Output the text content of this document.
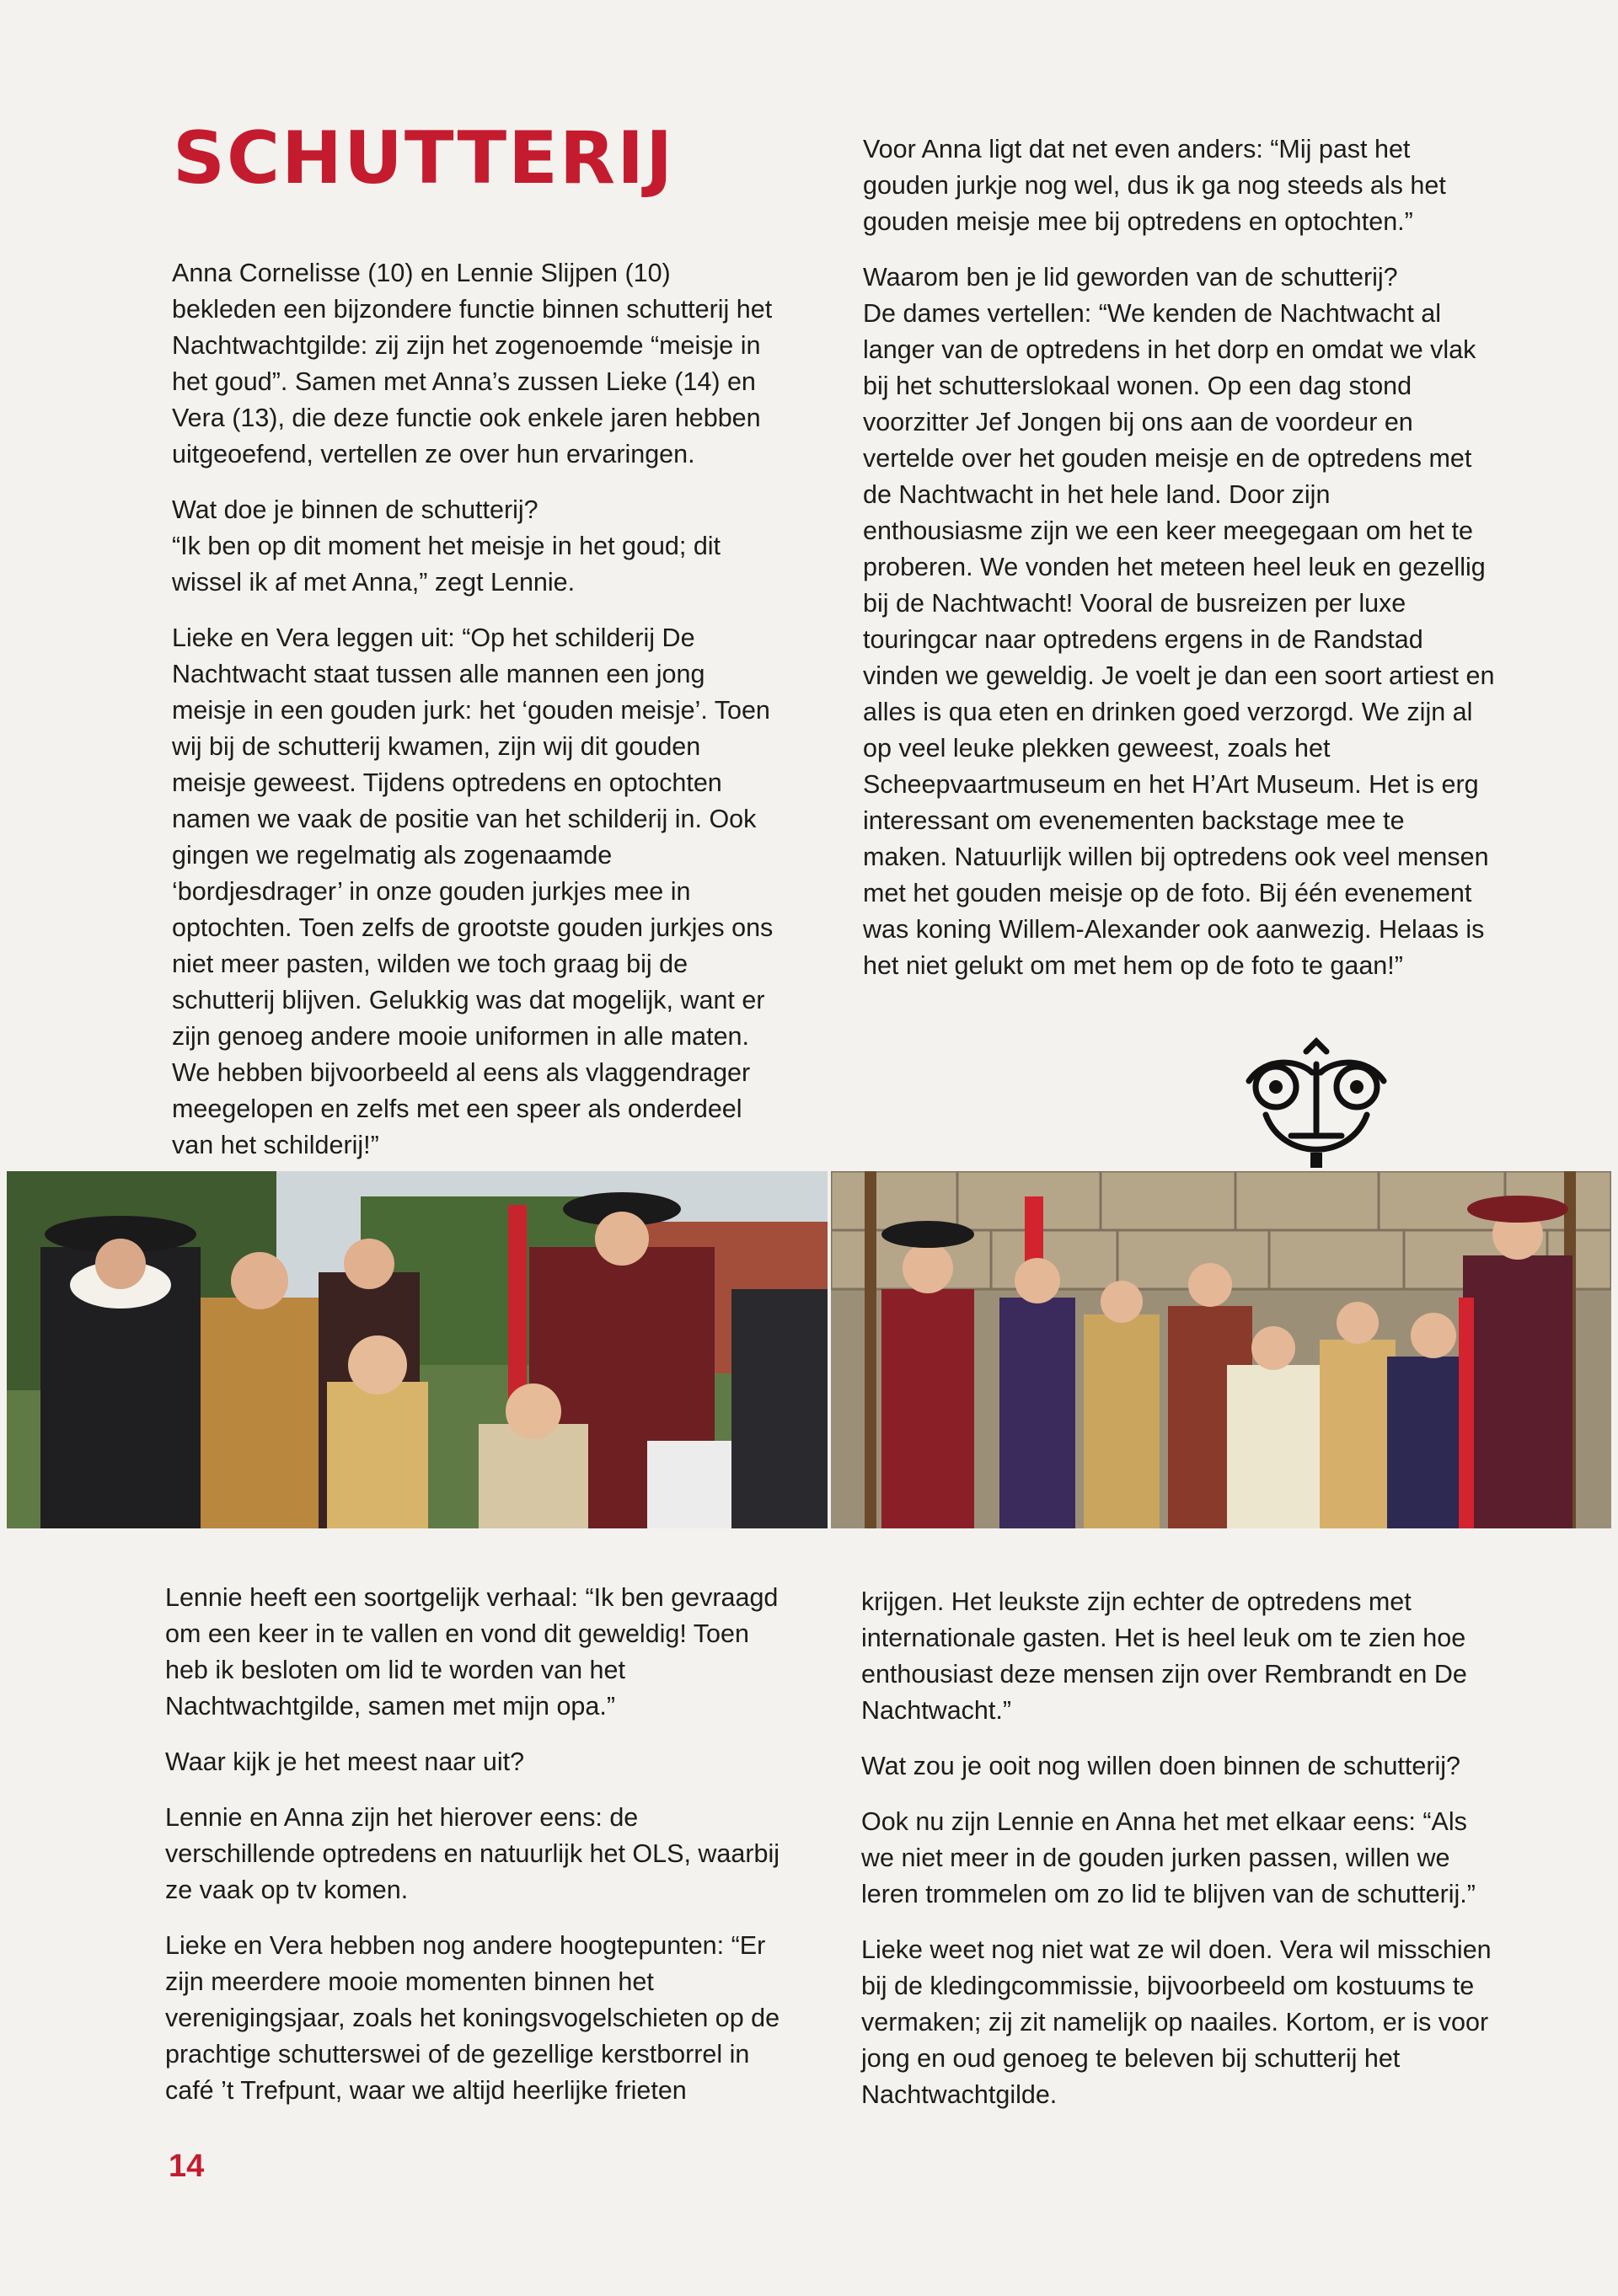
SCHUTTERIJ

Anna Cornelisse (10) en Lennie Slijpen (10) bekleden een bijzondere functie binnen schutterij het Nachtwachtgilde: zij zijn het zogenoemde “meisje in het goud”. Samen met Anna’s zussen Lieke (14) en Vera (13), die deze functie ook enkele jaren hebben uitgeoefend, vertellen ze over hun ervaringen.

Wat doe je binnen de schutterij?

“Ik ben op dit moment het meisje in het goud; dit wissel ik af met Anna,” zegt Lennie.

Lieke en Vera leggen uit: “Op het schilderij De Nachtwacht staat tussen alle mannen een jong meisje in een gouden jurk: het ‘gouden meisje’. Toen wij bij de schutterij kwamen, zijn wij dit gouden meisje geweest. Tijdens optredens en optochten namen we vaak de positie van het schilderij in. Ook gingen we regelmatig als zogenaamde ‘bordjesdrager’ in onze gouden jurkjes mee in optochten. Toen zelfs de grootste gouden jurkjes ons niet meer pasten, wilden we toch graag bij de schutterij blijven. Gelukkig was dat mogelijk, want er zijn genoeg andere mooie uniformen in alle maten. We hebben bijvoorbeeld al eens als vlaggendrager meegelopen en zelfs met een speer als onderdeel van het schilderij!”

Voor Anna ligt dat net even anders: “Mij past het gouden jurkje nog wel, dus ik ga nog steeds als het gouden meisje mee bij optredens en optochten.”

Waarom ben je lid geworden van de schutterij?

De dames vertellen: “We kenden de Nachtwacht al langer van de optredens in het dorp en omdat we vlak bij het schutterslokaal wonen. Op een dag stond voorzitter Jef Jongen bij ons aan de voordeur en vertelde over het gouden meisje en de optredens met de Nachtwacht in het hele land. Door zijn enthousiasme zijn we een keer meegegaan om het te proberen. We vonden het meteen heel leuk en gezellig bij de Nachtwacht! Vooral de busreizen per luxe touringcar naar optredens ergens in de Randstad vinden we geweldig. Je voelt je dan een soort artiest en alles is qua eten en drinken goed verzorgd. We zijn al op veel leuke plekken geweest, zoals het Scheepvaartmuseum en het H’Art Museum. Het is erg interessant om evenementen backstage mee te maken. Natuurlijk willen bij optredens ook veel mensen met het gouden meisje op de foto. Bij één evenement was koning Willem-Alexander ook aanwezig. Helaas is het niet gelukt om met hem op de foto te gaan!”

Lennie heeft een soortgelijk verhaal: “Ik ben gevraagd om een keer in te vallen en vond dit geweldig! Toen heb ik besloten om lid te worden van het Nachtwachtgilde, samen met mijn opa.”

Waar kijk je het meest naar uit?

Lennie en Anna zijn het hierover eens: de verschillende optredens en natuurlijk het OLS, waarbij ze vaak op tv komen.

Lieke en Vera hebben nog andere hoogtepunten: “Er zijn meerdere mooie momenten binnen het verenigingsjaar, zoals het koningsvogelschieten op de prachtige schutterswei of de gezellige kerstborrel in café ’t Trefpunt, waar we altijd heerlijke frieten

krijgen. Het leukste zijn echter de optredens met internationale gasten. Het is heel leuk om te zien hoe enthousiast deze mensen zijn over Rembrandt en De Nachtwacht.”

Wat zou je ooit nog willen doen binnen de schutterij?

Ook nu zijn Lennie en Anna het met elkaar eens: “Als we niet meer in de gouden jurken passen, willen we leren trommelen om zo lid te blijven van de schutterij.”

Lieke weet nog niet wat ze wil doen. Vera wil misschien bij de kledingcommissie, bijvoorbeeld om kostuums te vermaken; zij zit namelijk op naailes. Kortom, er is voor jong en oud genoeg te beleven bij schutterij het Nachtwachtgilde.

14
